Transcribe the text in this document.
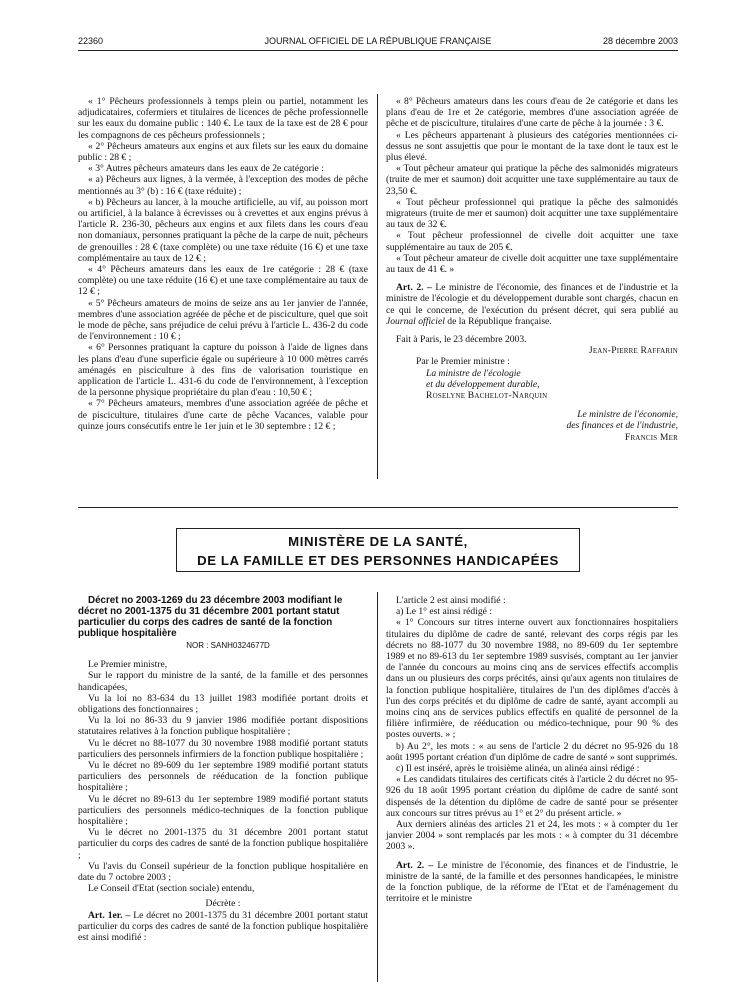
22360	JOURNAL OFFICIEL DE LA RÉPUBLIQUE FRANÇAISE	28 décembre 2003

« 1° Pêcheurs professionnels à temps plein ou partiel, notamment les adjudicataires, cofermiers et titulaires de licences de pêche professionnelle sur les eaux du domaine public : 140 €. Le taux de la taxe est de 28 € pour les compagnons de ces pêcheurs professionnels ;

« 2° Pêcheurs amateurs aux engins et aux filets sur les eaux du domaine public : 28 € ;

« 3° Autres pêcheurs amateurs dans les eaux de 2e catégorie :

« a) Pêcheurs aux lignes, à la vermée, à l'exception des modes de pêche mentionnés au 3° (b) : 16 € (taxe réduite) ;

« b) Pêcheurs au lancer, à la mouche artificielle, au vif, au poisson mort ou artificiel, à la balance à écrevisses ou à crevettes et aux engins prévus à l'article R. 236-30, pêcheurs aux engins et aux filets dans les cours d'eau non domaniaux, personnes pratiquant la pêche de la carpe de nuit, pêcheurs de grenouilles : 28 € (taxe complète) ou une taxe réduite (16 €) et une taxe complémentaire au taux de 12 € ;

« 4° Pêcheurs amateurs dans les eaux de 1re catégorie : 28 € (taxe complète) ou une taxe réduite (16 €) et une taxe complémentaire au taux de 12 € ;

« 5° Pêcheurs amateurs de moins de seize ans au 1er janvier de l'année, membres d'une association agréée de pêche et de pisciculture, quel que soit le mode de pêche, sans préjudice de celui prévu à l'article L. 436-2 du code de l'environnement : 10 € ;

« 6° Personnes pratiquant la capture du poisson à l'aide de lignes dans les plans d'eau d'une superficie égale ou supérieure à 10 000 mètres carrés aménagés en pisciculture à des fins de valorisation touristique en application de l'article L. 431-6 du code de l'environnement, à l'exception de la personne physique propriétaire du plan d'eau : 10,50 € ;

« 7° Pêcheurs amateurs, membres d'une association agréée de pêche et de pisciculture, titulaires d'une carte de pêche Vacances, valable pour quinze jours consécutifs entre le 1er juin et le 30 septembre : 12 € ;

« 8° Pêcheurs amateurs dans les cours d'eau de 2e catégorie et dans les plans d'eau de 1re et 2e catégorie, membres d'une association agréée de pêche et de pisciculture, titulaires d'une carte de pêche à la journée : 3 €.

« Les pêcheurs appartenant à plusieurs des catégories mentionnées ci-dessus ne sont assujettis que pour le montant de la taxe dont le taux est le plus élevé.

« Tout pêcheur amateur qui pratique la pêche des salmonidés migrateurs (truite de mer et saumon) doit acquitter une taxe supplémentaire au taux de 23,50 €.

« Tout pêcheur professionnel qui pratique la pêche des salmonidés migrateurs (truite de mer et saumon) doit acquitter une taxe supplémentaire au taux de 32 €.

« Tout pêcheur professionnel de civelle doit acquitter une taxe supplémentaire au taux de 205 €.

« Tout pêcheur amateur de civelle doit acquitter une taxe supplémentaire au taux de 41 €. »

Art. 2. – Le ministre de l'économie, des finances et de l'industrie et la ministre de l'écologie et du développement durable sont chargés, chacun en ce qui le concerne, de l'exécution du présent décret, qui sera publié au Journal officiel de la République française.

Fait à Paris, le 23 décembre 2003.

Jean-Pierre Raffarin

Par le Premier ministre :

La ministre de l'écologie

et du développement durable,

Roselyne Bachelot-Narquin

Le ministre de l'économie,

des finances et de l'industrie,

Francis Mer

MINISTÈRE DE LA SANTÉ,
DE LA FAMILLE ET DES PERSONNES HANDICAPÉES

Décret no 2003-1269 du 23 décembre 2003 modifiant le décret no 2001-1375 du 31 décembre 2001 portant statut particulier du corps des cadres de santé de la fonction publique hospitalière

NOR : SANH0324677D

Le Premier ministre,

Sur le rapport du ministre de la santé, de la famille et des personnes handicapées,

Vu la loi no 83-634 du 13 juillet 1983 modifiée portant droits et obligations des fonctionnaires ;

Vu la loi no 86-33 du 9 janvier 1986 modifiée portant dispositions statutaires relatives à la fonction publique hospitalière ;

Vu le décret no 88-1077 du 30 novembre 1988 modifié portant statuts particuliers des personnels infirmiers de la fonction publique hospitalière ;

Vu le décret no 89-609 du 1er septembre 1989 modifié portant statuts particuliers des personnels de rééducation de la fonction publique hospitalière ;

Vu le décret no 89-613 du 1er septembre 1989 modifié portant statuts particuliers des personnels médico-techniques de la fonction publique hospitalière ;

Vu le décret no 2001-1375 du 31 décembre 2001 portant statut particulier du corps des cadres de santé de la fonction publique hospitalière ;

Vu l'avis du Conseil supérieur de la fonction publique hospitalière en date du 7 octobre 2003 ;

Le Conseil d'Etat (section sociale) entendu,

Décrète :

Art. 1er. – Le décret no 2001-1375 du 31 décembre 2001 portant statut particulier du corps des cadres de santé de la fonction publique hospitalière est ainsi modifié :

L'article 2 est ainsi modifié :

a) Le 1° est ainsi rédigé :

« 1° Concours sur titres interne ouvert aux fonctionnaires hospitaliers titulaires du diplôme de cadre de santé, relevant des corps régis par les décrets no 88-1077 du 30 novembre 1988, no 89-609 du 1er septembre 1989 et no 89-613 du 1er septembre 1989 susvisés, comptant au 1er janvier de l'année du concours au moins cinq ans de services effectifs accomplis dans un ou plusieurs des corps précités, ainsi qu'aux agents non titulaires de la fonction publique hospitalière, titulaires de l'un des diplômes d'accès à l'un des corps précités et du diplôme de cadre de santé, ayant accompli au moins cinq ans de services publics effectifs en qualité de personnel de la filière infirmière, de rééducation ou médico-technique, pour 90 % des postes ouverts. » ;

b) Au 2°, les mots : « au sens de l'article 2 du décret no 95-926 du 18 août 1995 portant création d'un diplôme de cadre de santé » sont supprimés.

c) Il est inséré, après le troisième alinéa, un alinéa ainsi rédigé :

« Les candidats titulaires des certificats cités à l'article 2 du décret no 95-926 du 18 août 1995 portant création du diplôme de cadre de santé sont dispensés de la détention du diplôme de cadre de santé pour se présenter aux concours sur titres prévus au 1° et 2° du présent article. »

Aux derniers alinéas des articles 21 et 24, les mots : « à compter du 1er janvier 2004 » sont remplacés par les mots : « à compter du 31 décembre 2003 ».

Art. 2. – Le ministre de l'économie, des finances et de l'industrie, le ministre de la santé, de la famille et des personnes handicapées, le ministre de la fonction publique, de la réforme de l'Etat et de l'aménagement du territoire et le ministre
